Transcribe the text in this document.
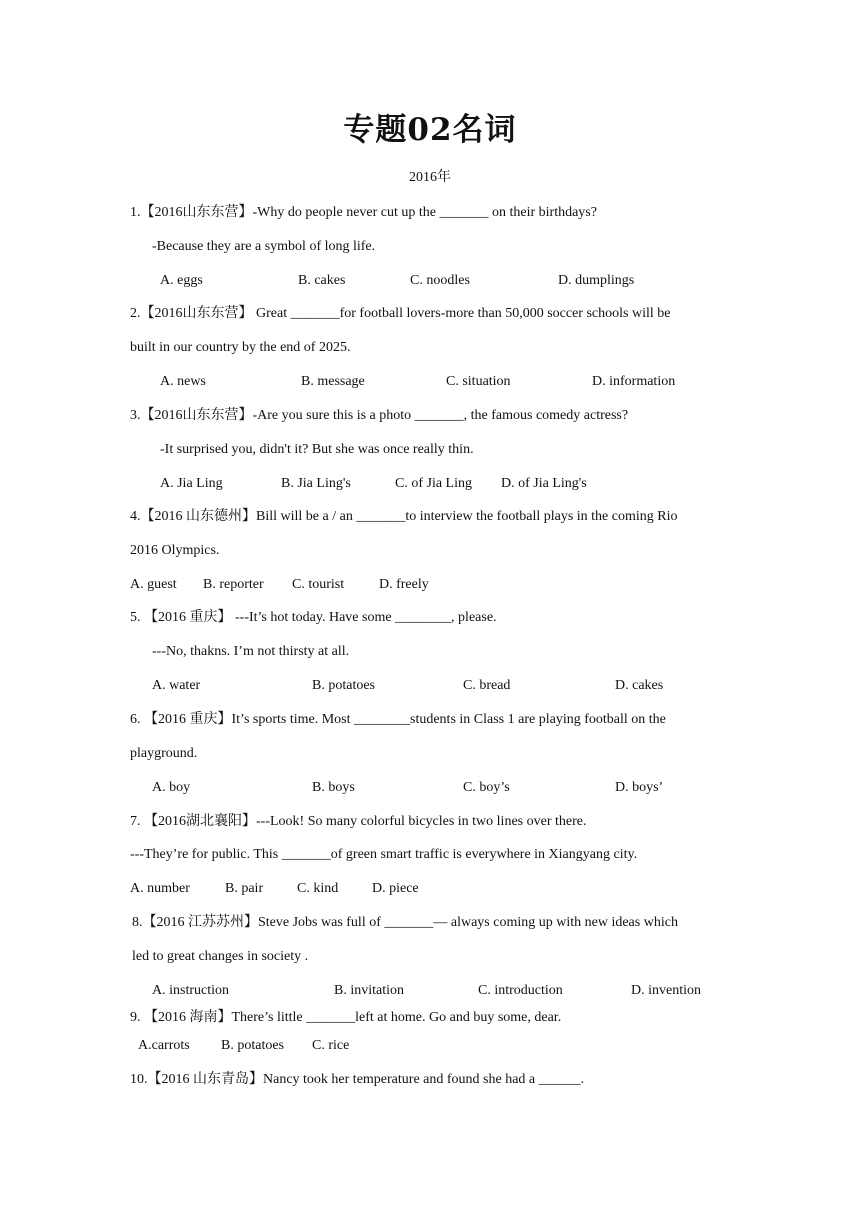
专题02名词
2016年
1.【2016山东东营】-Why do people never cut up the _______ on their birthdays?
-Because they are a symbol of long life.
A. eggs	B. cakes	C. noodles	D. dumplings
2.【2016山东东营】 Great _______for football lovers-more than 50,000 soccer schools will be
built in our country by the end of 2025.
A. news	B. message	C. situation	D. information
3.【2016山东东营】-Are you sure this is a photo _______, the famous comedy actress?
-It surprised you, didn't it? But she was once really thin.
A. Jia Ling	B. Jia Ling's	C. of Jia Ling D. of Jia Ling's
4.【2016 山东德州】Bill will be a / an _______to interview the football plays in the coming Rio
2016 Olympics.
A. guest B. reporter C. tourist D. freely
5. 【2016 重庆】 ---It’s hot today. Have some ________, please.
---No, thakns. I’m not thirsty at all.
A. water	B. potatoes	C. bread	D. cakes
6. 【2016 重庆】It’s sports time. Most ________students in Class 1 are playing football on the
playground.
A. boy	B. boys	C. boy’s	D. boys’
7. 【2016湖北襄阳】---Look! So many colorful bicycles in two lines over there.
---They’re for public. This _______of green smart traffic is everywhere in Xiangyang city.
A. number	B. pair C. kind D. piece
8.【2016 江苏苏州】Steve Jobs was full of _______— always coming up with new ideas which
led to great changes in society .
A. instruction	B. invitation	C. introduction	D. invention
9. 【2016 海南】There’s little _______left at home. Go and buy some, dear.
A.carrots B. potatoes C. rice
10.【2016 山东青岛】Nancy took her temperature and found she had a ______.
